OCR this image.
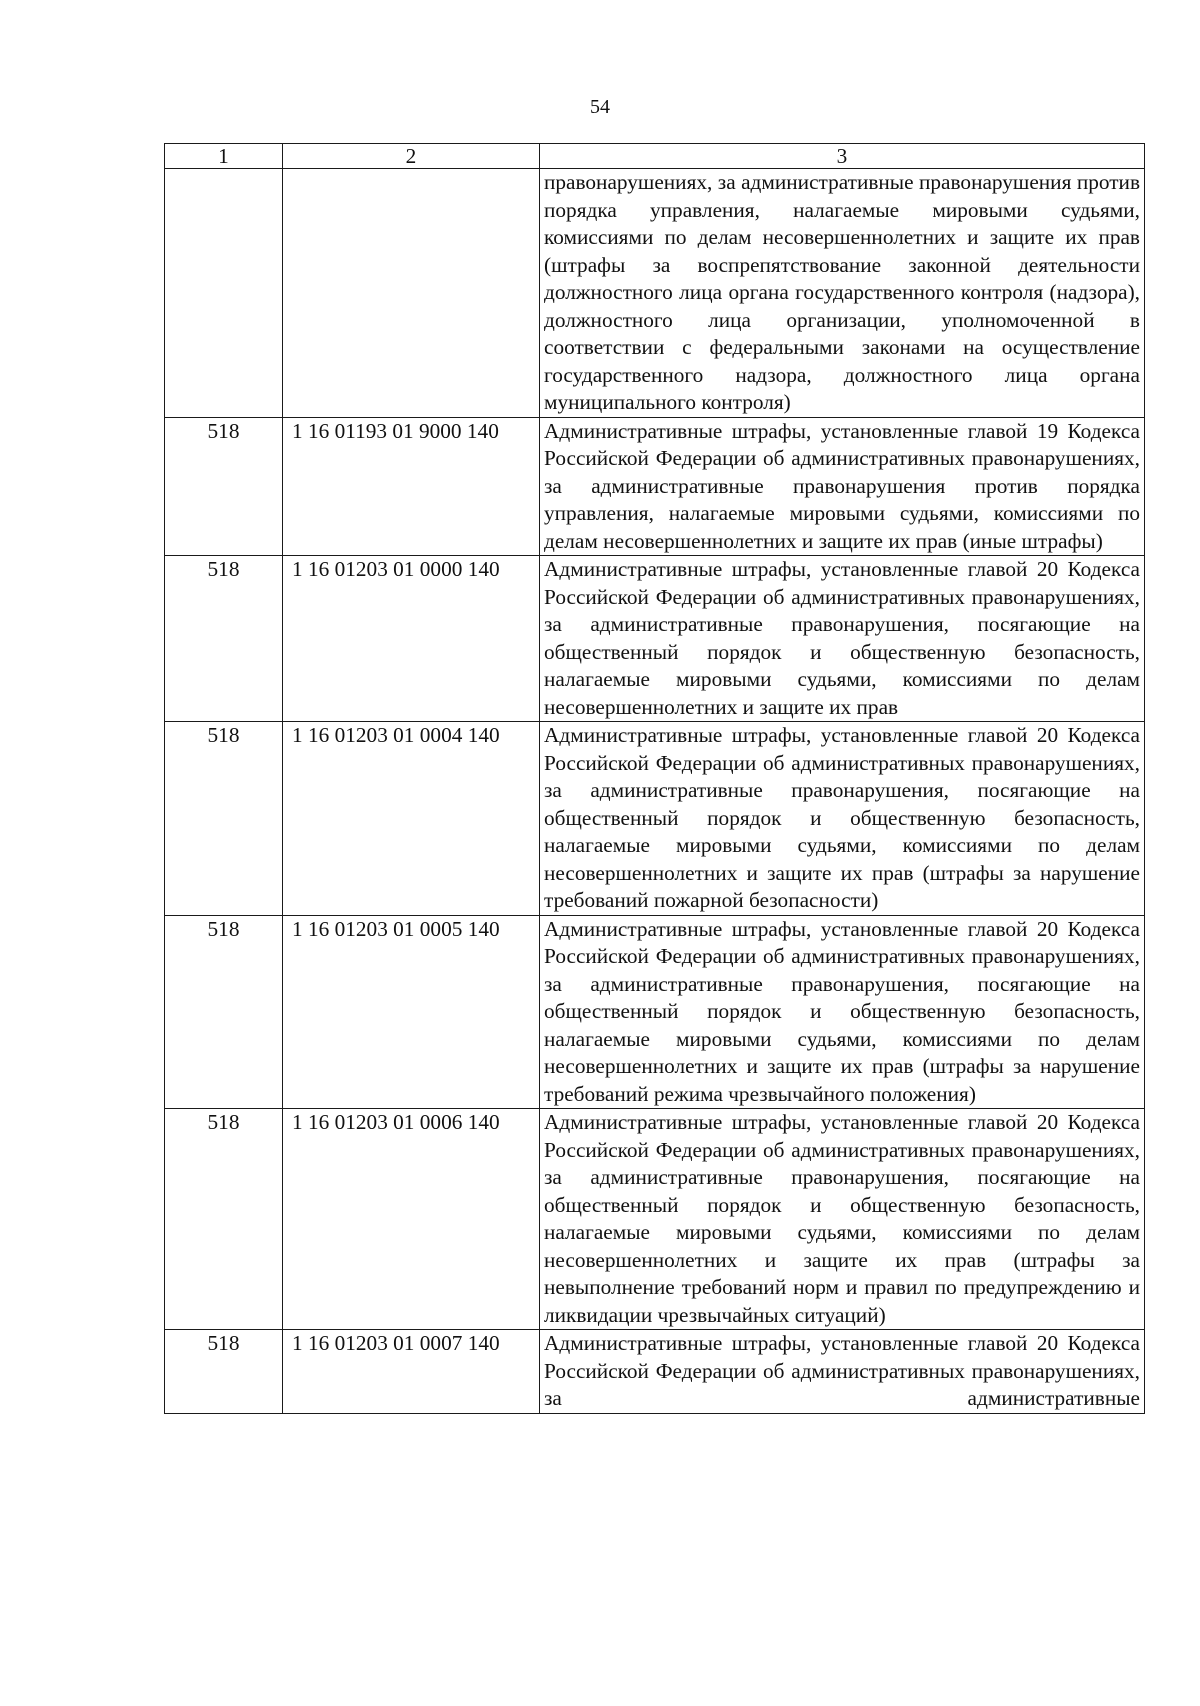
54
1	2	3
		правонарушениях, за административные правонарушения против порядка управления, налагаемые мировыми судьями, комиссиями по делам несовершеннолетних и защите их прав (штрафы за воспрепятствование законной деятельности должностного лица органа государственного контроля (надзора), должностного лица организации, уполномоченной в соответствии с федеральными законами на осуществление государственного надзора, должностного лица органа муниципального контроля)
518	1 16 01193 01 9000 140	Административные штрафы, установленные главой 19 Кодекса Российской Федерации об административных правонарушениях, за административные правонарушения против порядка управления, налагаемые мировыми судьями, комиссиями по делам несовершеннолетних и защите их прав (иные штрафы)
518	1 16 01203 01 0000 140	Административные штрафы, установленные главой 20 Кодекса Российской Федерации об административных правонарушениях, за административные правонарушения, посягающие на общественный порядок и общественную безопасность, налагаемые мировыми судьями, комиссиями по делам несовершеннолетних и защите их прав
518	1 16 01203 01 0004 140	Административные штрафы, установленные главой 20 Кодекса Российской Федерации об административных правонарушениях, за административные правонарушения, посягающие на общественный порядок и общественную безопасность, налагаемые мировыми судьями, комиссиями по делам несовершеннолетних и защите их прав (штрафы за нарушение требований пожарной безопасности)
518	1 16 01203 01 0005 140	Административные штрафы, установленные главой 20 Кодекса Российской Федерации об административных правонарушениях, за административные правонарушения, посягающие на общественный порядок и общественную безопасность, налагаемые мировыми судьями, комиссиями по делам несовершеннолетних и защите их прав (штрафы за нарушение требований режима чрезвычайного положения)
518	1 16 01203 01 0006 140	Административные штрафы, установленные главой 20 Кодекса Российской Федерации об административных правонарушениях, за административные правонарушения, посягающие на общественный порядок и общественную безопасность, налагаемые мировыми судьями, комиссиями по делам несовершеннолетних и защите их прав (штрафы за невыполнение требований норм и правил по предупреждению и ликвидации чрезвычайных ситуаций)
518	1 16 01203 01 0007 140	Административные штрафы, установленные главой 20 Кодекса Российской Федерации об административных правонарушениях, за административные
